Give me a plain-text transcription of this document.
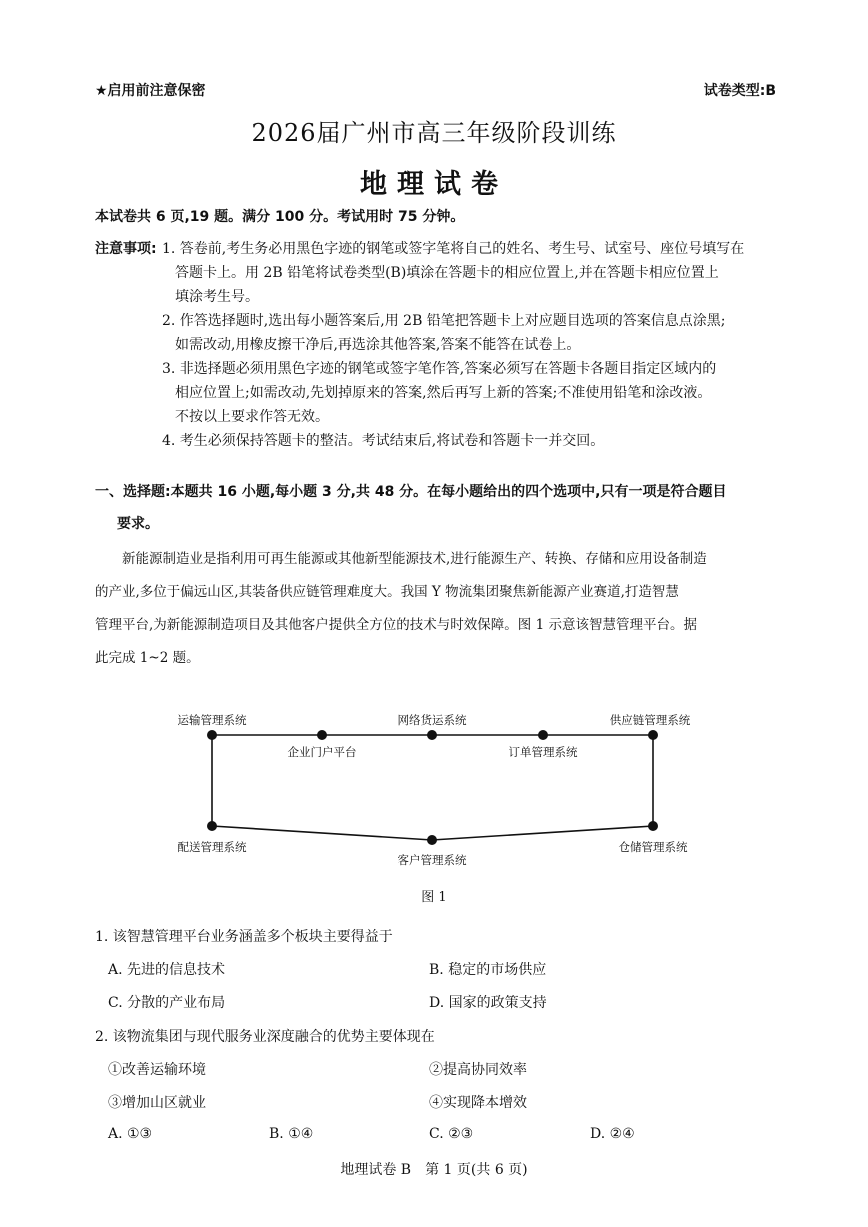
★启用前注意保密	试卷类型:B
2026届广州市高三年级阶段训练
地理试卷
本试卷共 6 页,19 题。满分 100 分。考试用时 75 分钟。
注意事项: 1. 答卷前,考生务必用黑色字迹的钢笔或签字笔将自己的姓名、考生号、试室号、座位号填写在
答题卡上。用 2B 铅笔将试卷类型(B)填涂在答题卡的相应位置上,并在答题卡相应位置上
填涂考生号。
2. 作答选择题时,选出每小题答案后,用 2B 铅笔把答题卡上对应题目选项的答案信息点涂黑;
如需改动,用橡皮擦干净后,再选涂其他答案,答案不能答在试卷上。
3. 非选择题必须用黑色字迹的钢笔或签字笔作答,答案必须写在答题卡各题目指定区域内的
相应位置上;如需改动,先划掉原来的答案,然后再写上新的答案;不准使用铅笔和涂改液。
不按以上要求作答无效。
4. 考生必须保持答题卡的整洁。考试结束后,将试卷和答题卡一并交回。
一、选择题:本题共 16 小题,每小题 3 分,共 48 分。在每小题给出的四个选项中,只有一项是符合题目
要求。
新能源制造业是指利用可再生能源或其他新型能源技术,进行能源生产、转换、存储和应用设备制造
的产业,多位于偏远山区,其装备供应链管理难度大。我国 Y 物流集团聚焦新能源产业赛道,打造智慧
管理平台,为新能源制造项目及其他客户提供全方位的技术与时效保障。图 1 示意该智慧管理平台。据
此完成 1~2 题。
运输管理系统	网络货运系统	供应链管理系统
企业门户平台	订单管理系统
配送管理系统
客户管理系统
仓储管理系统
图 1
1. 该智慧管理平台业务涵盖多个板块主要得益于
A. 先进的信息技术	B. 稳定的市场供应
C. 分散的产业布局	D. 国家的政策支持
2. 该物流集团与现代服务业深度融合的优势主要体现在
①改善运输环境	②提高协同效率
③增加山区就业	④实现降本增效
A. ①③	B. ①④	C. ②③	D. ②④
地理试卷 B　第 1 页(共 6 页)
